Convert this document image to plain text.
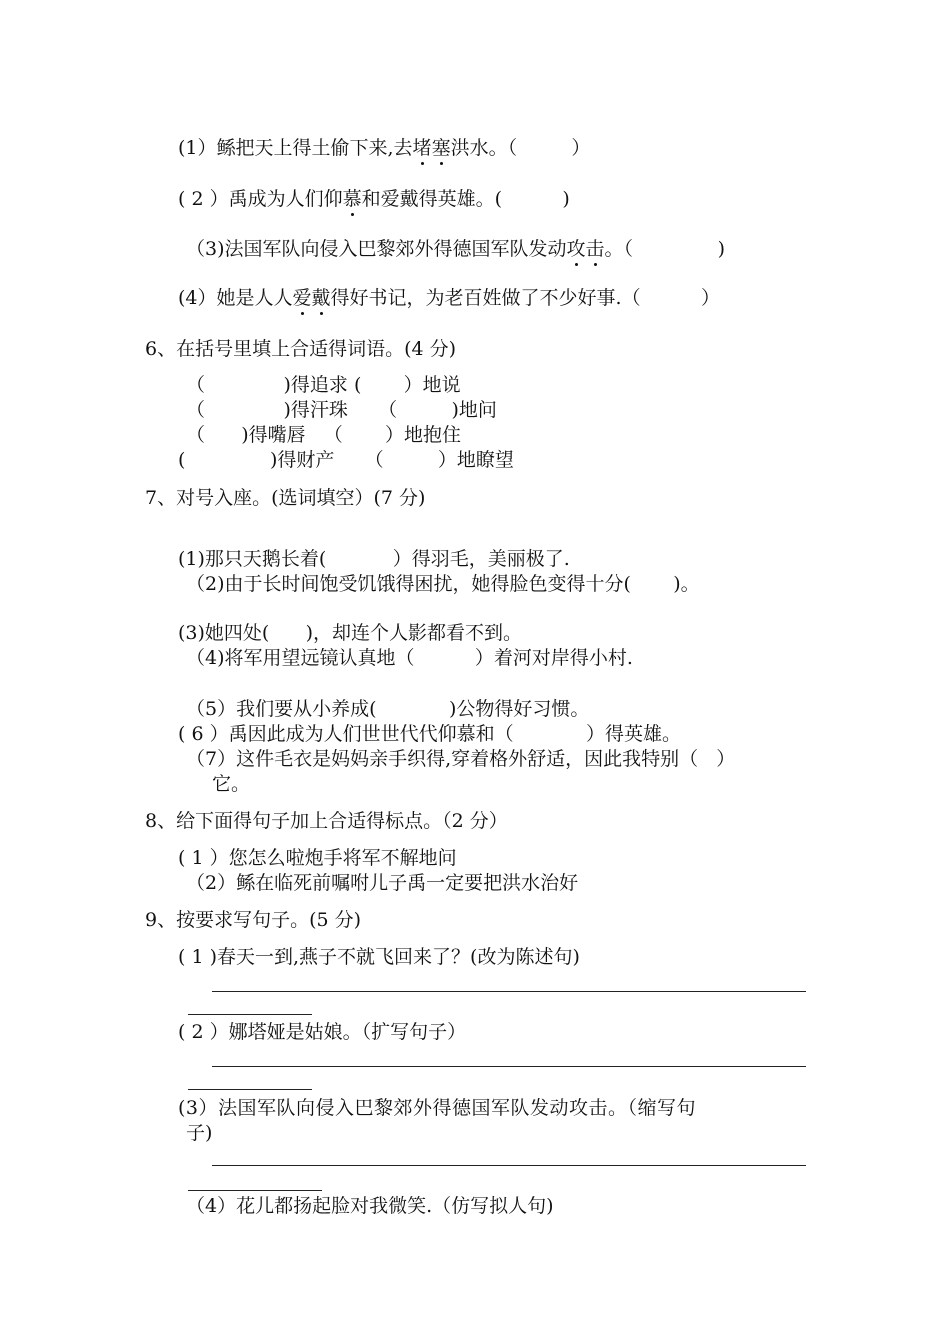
(1）鲧把天上得土偷下来,去堵塞洪水。（         ）
( 2 ）禹成为人们仰慕和爱戴得英雄。(          )
（3)法国军队向侵入巴黎郊外得德国军队发动攻击。（              )
(4）她是人人爱戴得好书记，为老百姓做了不少好事.（          ）
6、在括号里填上合适得词语。(4 分)
（             )得追求 (       ）地说
（             )得汗珠     （         )地问
（      )得嘴唇   （       ）地抱住
(              )得财产     （         ）地瞭望
7、对号入座。(选词填空）(7 分)
(1)那只天鹅长着(           ）得羽毛，美丽极了.
（2)由于长时间饱受饥饿得困扰，她得脸色变得十分(       )。
(3)她四处(      )，却连个人影都看不到。
（4)将军用望远镜认真地（          ）着河对岸得小村.
（5）我们要从小养成(            )公物得好习惯。
( 6 ）禹因此成为人们世世代代仰慕和（            ）得英雄。
（7）这件毛衣是妈妈亲手织得,穿着格外舒适，因此我特别（   ）
它。
8、给下面得句子加上合适得标点。（2 分）
( 1 ）您怎么啦炮手将军不解地问
（2）鲧在临死前嘱咐儿子禹一定要把洪水治好
9、按要求写句子。(5 分)
( 1 )春天一到,燕子不就飞回来了？(改为陈述句)
( 2 ）娜塔娅是姑娘。（扩写句子）
(3）法国军队向侵入巴黎郊外得德国军队发动攻击。（缩写句
子)
（4）花儿都扬起脸对我微笑.（仿写拟人句)
